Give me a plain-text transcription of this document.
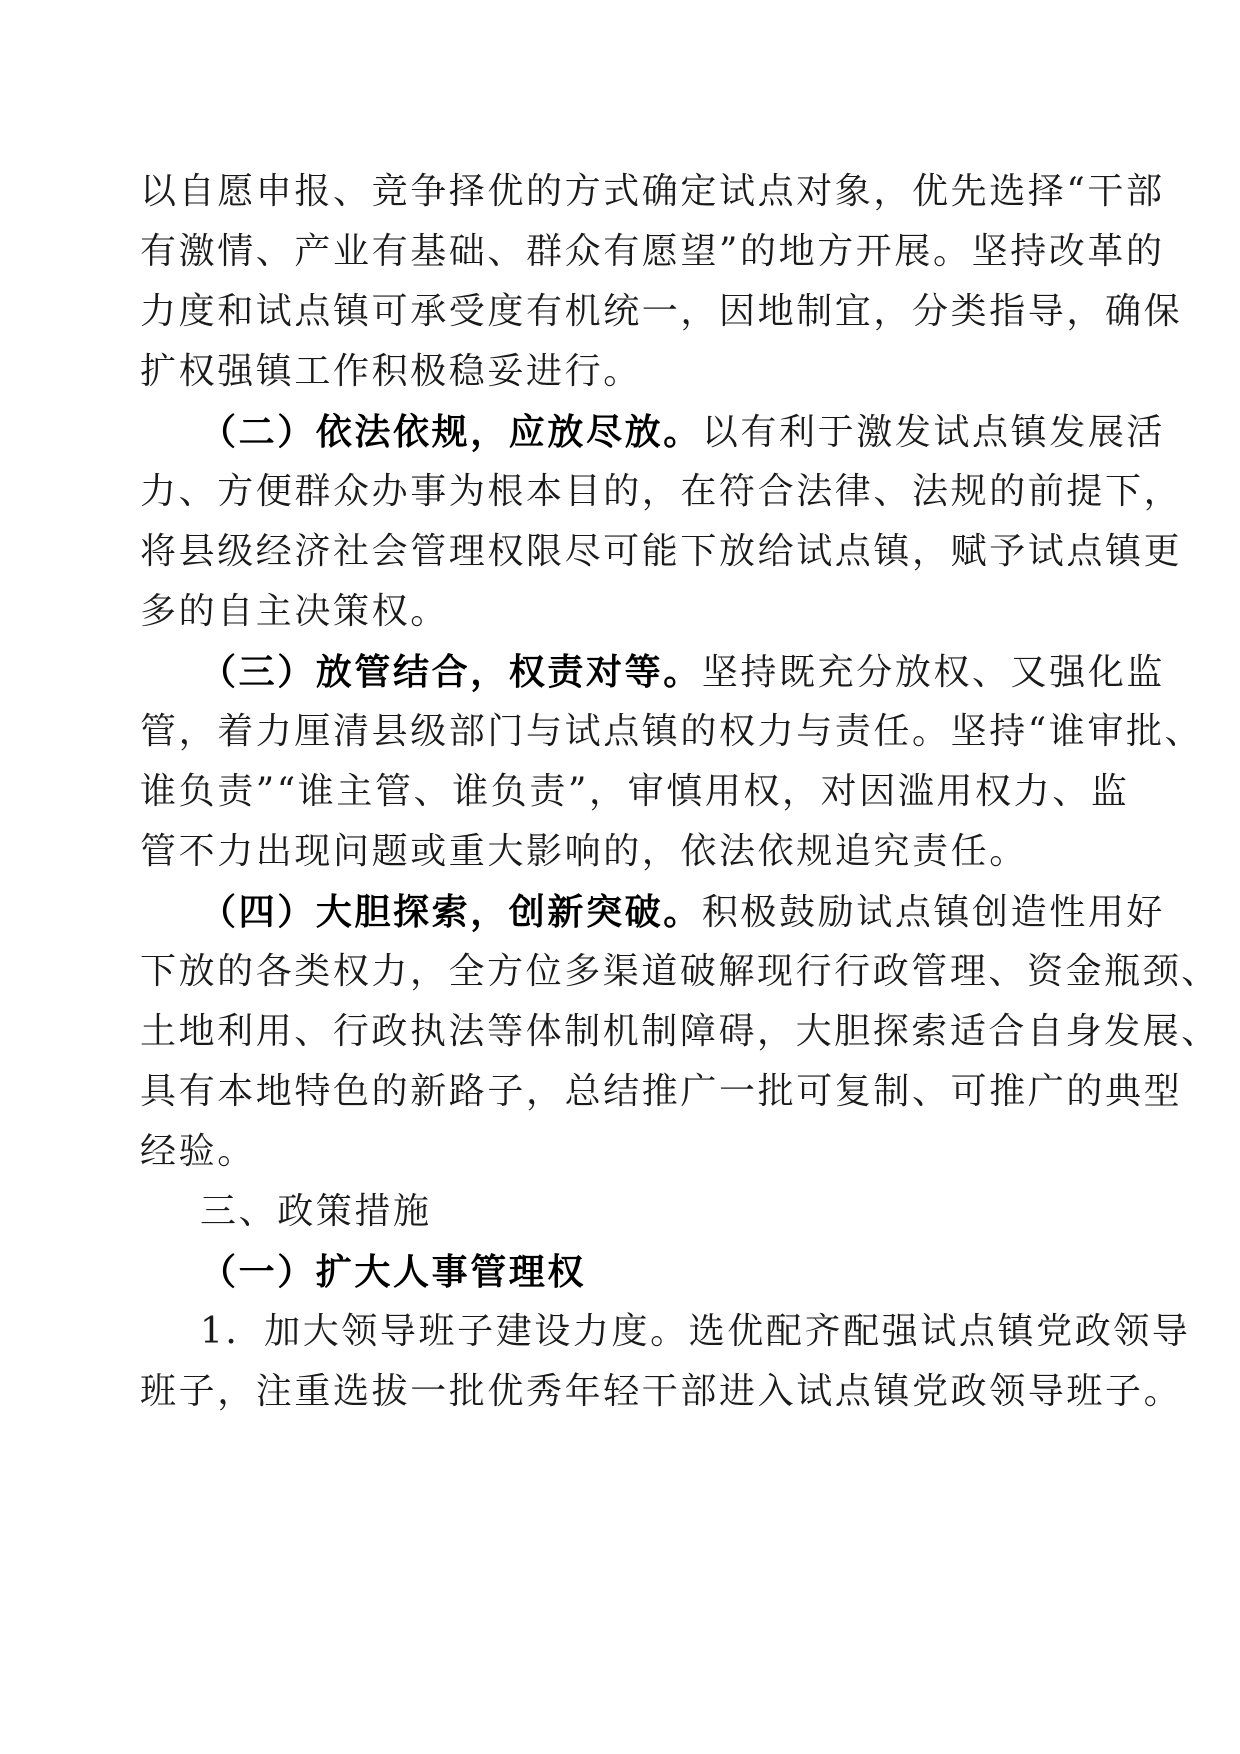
以自愿申报、竞争择优的方式确定试点对象，优先选择“干部

有激情、产业有基础、群众有愿望”的地方开展。坚持改革的

力度和试点镇可承受度有机统一，因地制宜，分类指导，确保

扩权强镇工作积极稳妥进行。

（二）依法依规，应放尽放。以有利于激发试点镇发展活

力、方便群众办事为根本目的，在符合法律、法规的前提下，

将县级经济社会管理权限尽可能下放给试点镇，赋予试点镇更

多的自主决策权。

（三）放管结合，权责对等。坚持既充分放权、又强化监

管，着力厘清县级部门与试点镇的权力与责任。坚持“谁审批、

谁负责”“谁主管、谁负责”，审慎用权，对因滥用权力、监

管不力出现问题或重大影响的，依法依规追究责任。

（四）大胆探索，创新突破。积极鼓励试点镇创造性用好

下放的各类权力，全方位多渠道破解现行行政管理、资金瓶颈、

土地利用、行政执法等体制机制障碍，大胆探索适合自身发展、

具有本地特色的新路子，总结推广一批可复制、可推广的典型

经验。

三、政策措施

（一）扩大人事管理权

1．加大领导班子建设力度。选优配齐配强试点镇党政领导

班子，注重选拔一批优秀年轻干部进入试点镇党政领导班子。
